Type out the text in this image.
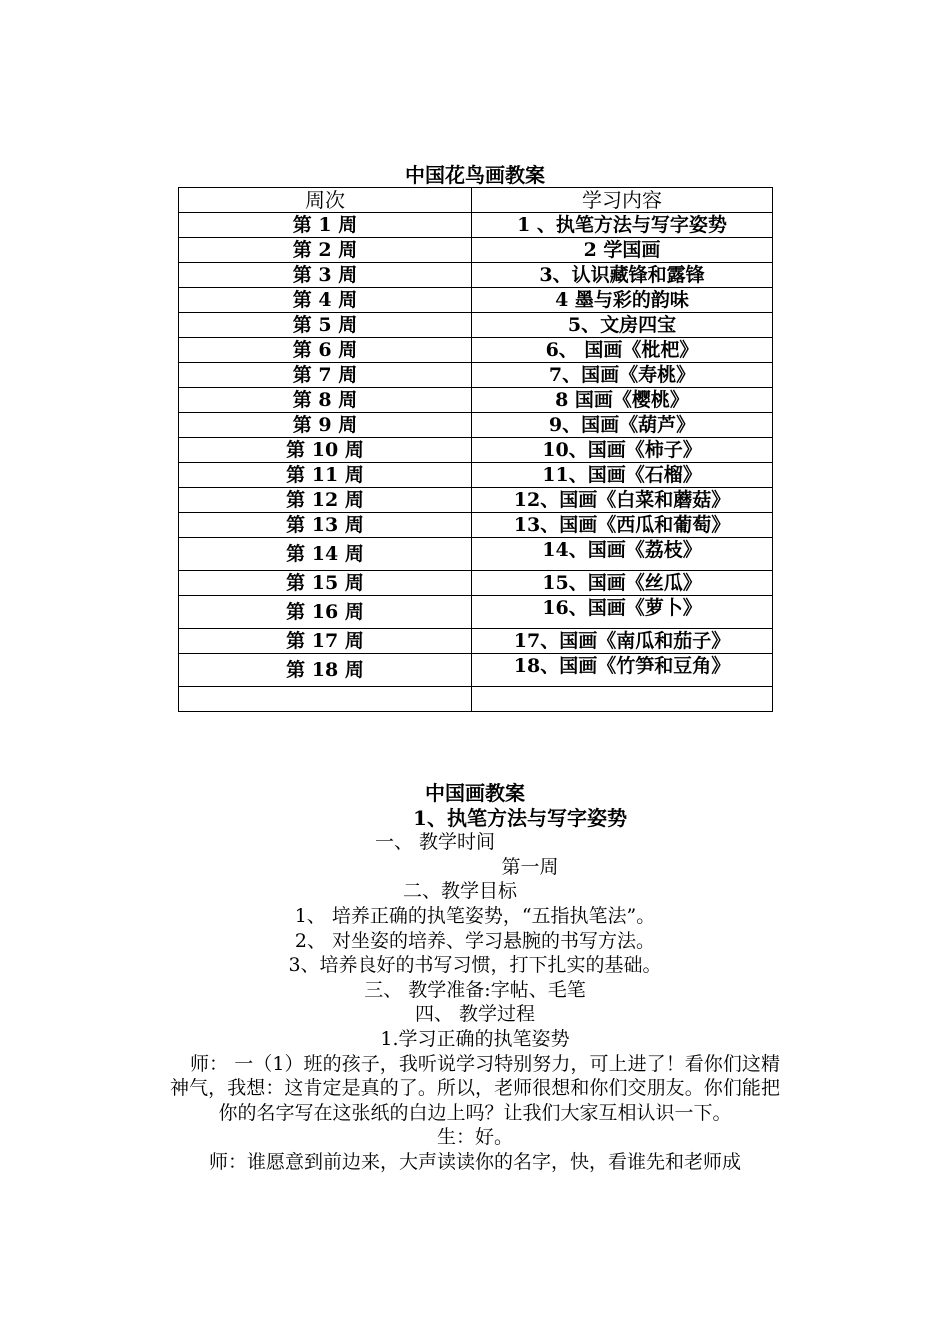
中国花鸟画教案
周次	学习内容
第 1 周	1 、执笔方法与写字姿势
第 2 周	2 学国画
第 3 周	3、认识藏锋和露锋
第 4 周	4 墨与彩的韵味
第 5 周	5、文房四宝
第 6 周	6、 国画《枇杷》
第 7 周	7、国画《寿桃》
第 8 周	8 国画《樱桃》
第 9 周	9、国画《葫芦》
第 10 周	10、国画《柿子》
第 11 周	11、国画《石榴》
第 12 周	12、国画《白菜和蘑菇》
第 13 周	13、国画《西瓜和葡萄》
第 14 周	14、国画《荔枝》
第 15 周	15、国画《丝瓜》
第 16 周	16、国画《萝卜》
第 17 周	17、国画《南瓜和茄子》
第 18 周	18、国画《竹笋和豆角》

中国画教案

1、执笔方法与写字姿势

一、 教学时间

第一周

二、教学目标

1、 培养正确的执笔姿势，“五指执笔法”。

2、 对坐姿的培养、学习悬腕的书写方法。

3、培养良好的书写习惯，打下扎实的基础。

三、 教学准备:字帖、毛笔

四、 教学过程

1.学习正确的执笔姿势

师： 一（1）班的孩子，我听说学习特别努力，可上进了！看你们这精神气，我想：这肯定是真的了。所以，老师很想和你们交朋友。你们能把你的名字写在这张纸的白边上吗？让我们大家互相认识一下。

生：好。

师：谁愿意到前边来，大声读读你的名字，快，看谁先和老师成
